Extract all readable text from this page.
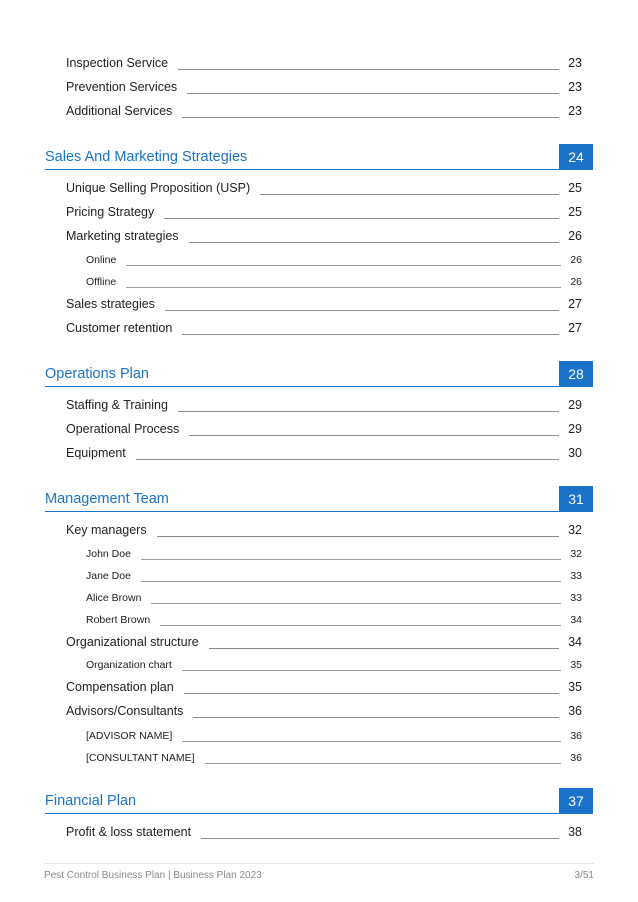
Inspection Service	23
Prevention Services	23
Additional Services	23
Sales And Marketing Strategies	24
Unique Selling Proposition (USP)	25
Pricing Strategy	25
Marketing strategies	26
Online	26
Offline	26
Sales strategies	27
Customer retention	27
Operations Plan	28
Staffing & Training	29
Operational Process	29
Equipment	30
Management Team	31
Key managers	32
John Doe	32
Jane Doe	33
Alice Brown	33
Robert Brown	34
Organizational structure	34
Organization chart	35
Compensation plan	35
Advisors/Consultants	36
[ADVISOR NAME]	36
[CONSULTANT NAME]	36
Financial Plan	37
Profit & loss statement	38
Pest Control Business Plan | Business Plan 2023	3/51
